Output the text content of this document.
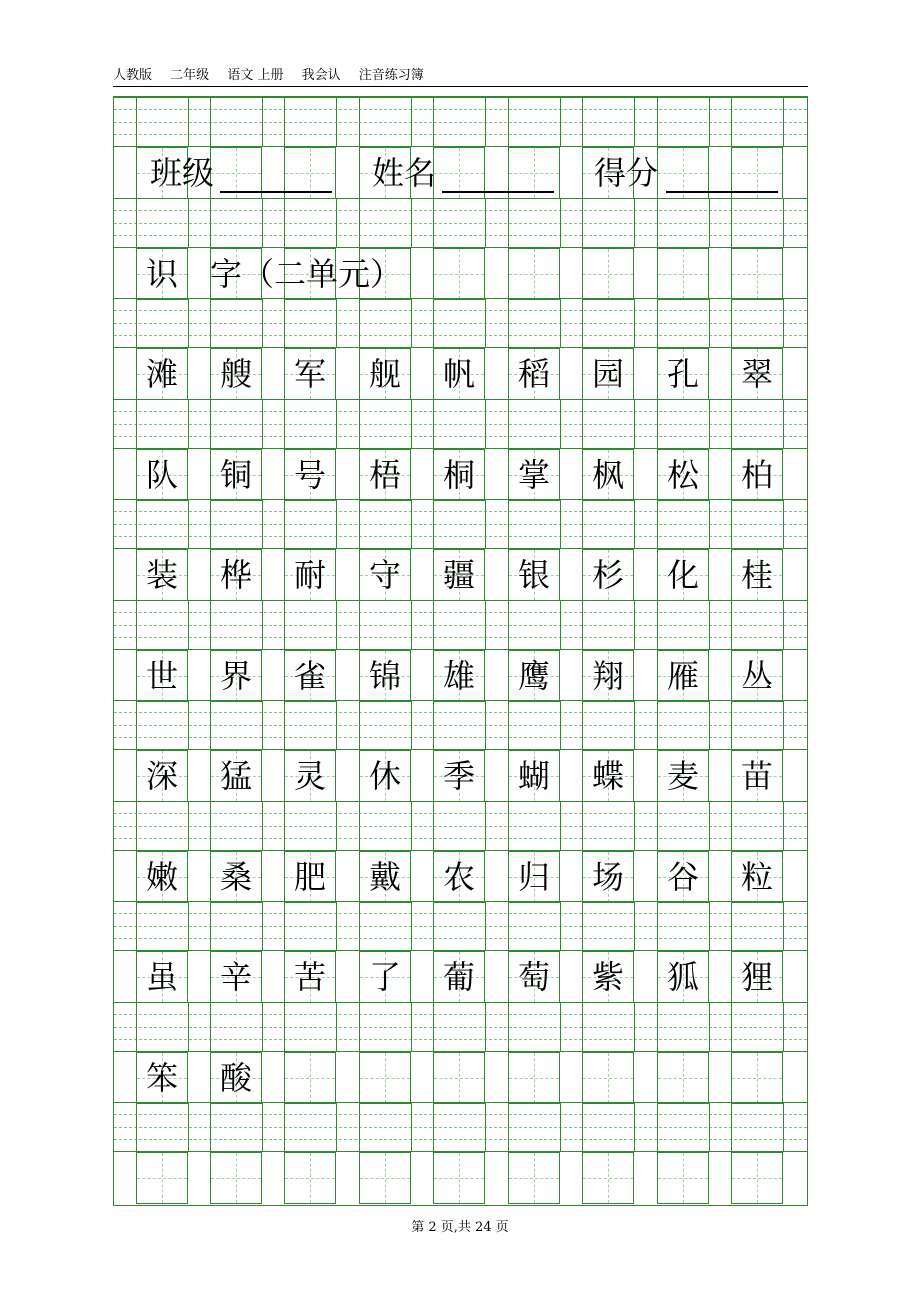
人教版 二年级 语文 上册 我会认 注音练习簿
班级	姓名	得分
识　字（二单元）
滩 艘 军 舰 帆 稻 园 孔 翠
队 铜 号 梧 桐 掌 枫 松 柏
装 桦 耐 守 疆 银 杉 化 桂
世 界 雀 锦 雄 鹰 翔 雁 丛
深 猛 灵 休 季 蝴 蝶 麦 苗
嫩 桑 肥 戴 农 归 场 谷 粒
虽 辛 苦 了 葡 萄 紫 狐 狸
笨 酸
第 2 页,共 24 页
